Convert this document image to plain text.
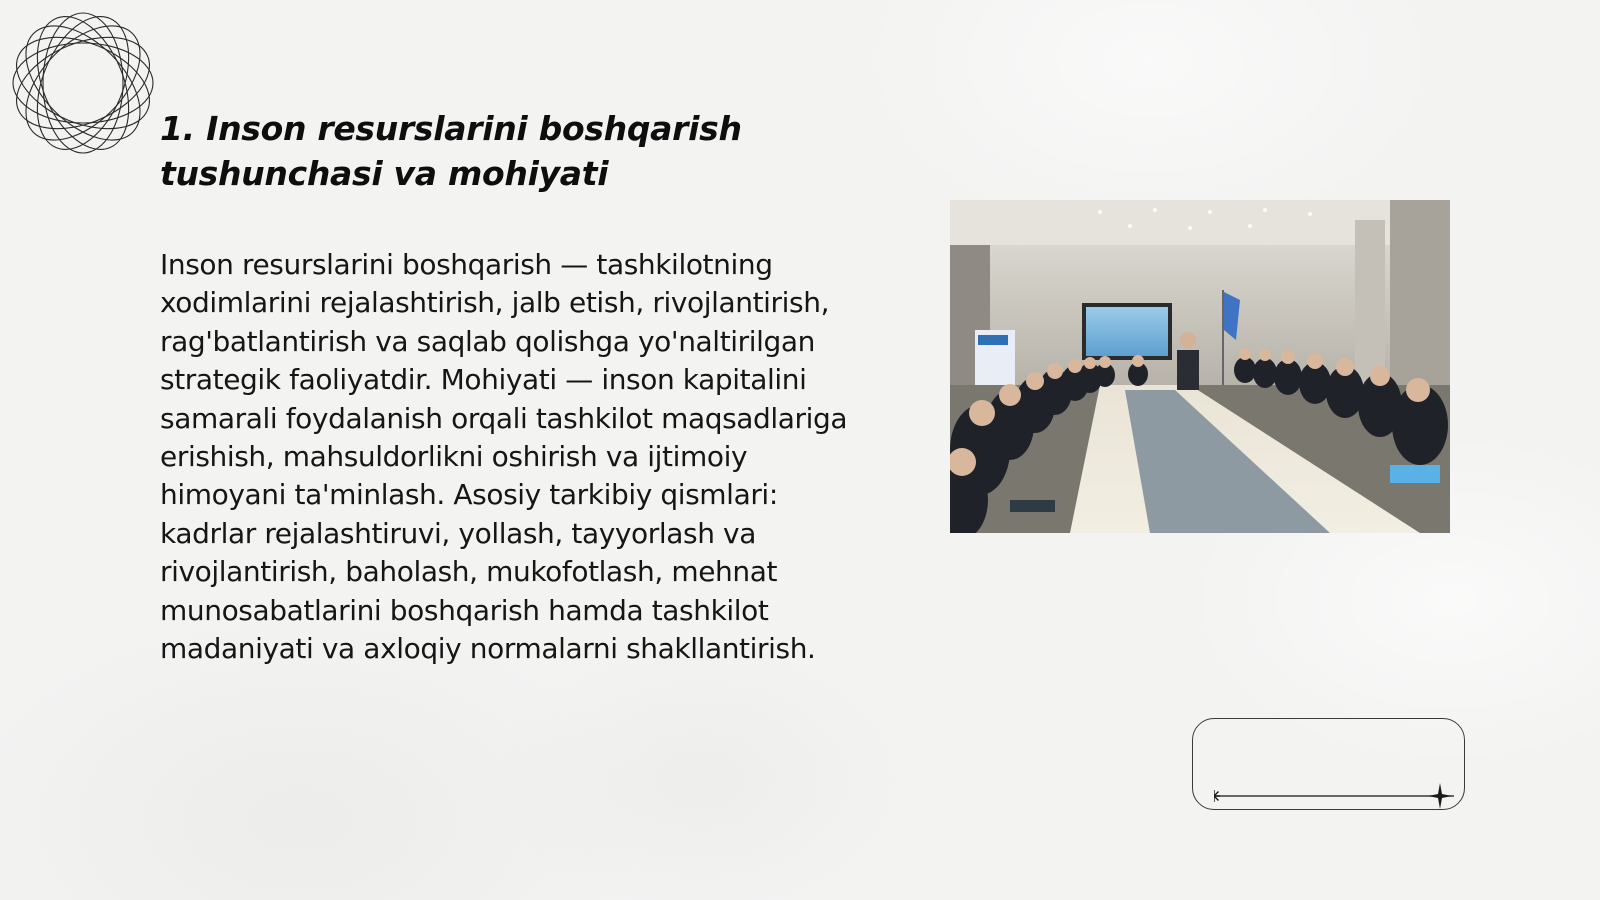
1. Inson resurslarini boshqarish tushunchasi va mohiyati

Inson resurslarini boshqarish — tashkilotning xodimlarini rejalashtirish, jalb etish, rivojlantirish, rag'batlantirish va saqlab qolishga yo'naltirilgan strategik faoliyatdir. Mohiyati — inson kapitalini samarali foydalanish orqali tashkilot maqsadlariga erishish, mahsuldorlikni oshirish va ijtimoiy himoyani ta'minlash. Asosiy tarkibiy qismlari: kadrlar rejalashtiruvi, yollash, tayyorlash va rivojlantirish, baholash, mukofotlash, mehnat munosabatlarini boshqarish hamda tashkilot madaniyati va axloqiy normalarni shakllantirish.
